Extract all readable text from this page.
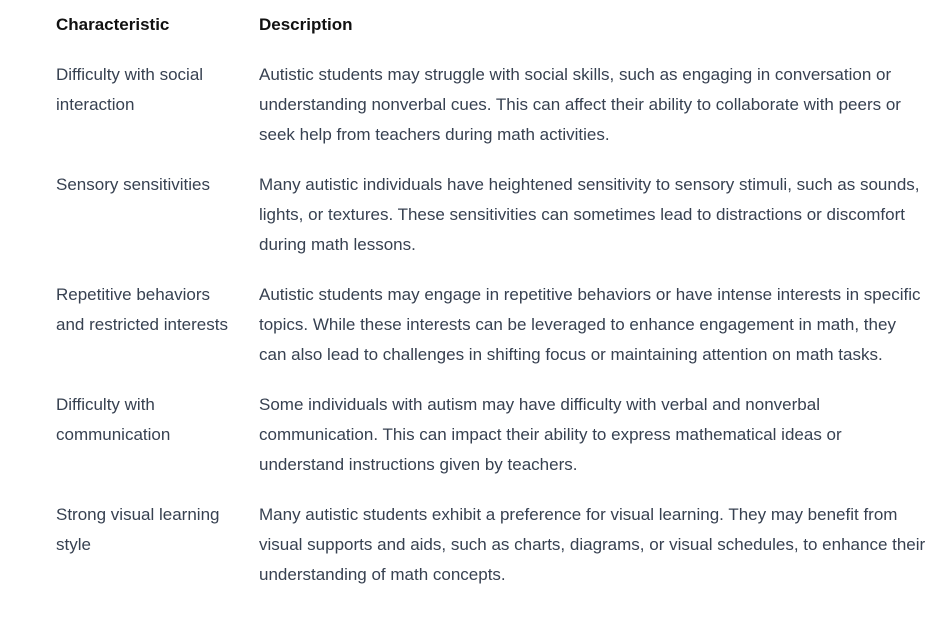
Characteristic	Description
Difficulty with social interaction	Autistic students may struggle with social skills, such as engaging in conversation or understanding nonverbal cues. This can affect their ability to collaborate with peers or seek help from teachers during math activities.
Sensory sensitivities	Many autistic individuals have heightened sensitivity to sensory stimuli, such as sounds, lights, or textures. These sensitivities can sometimes lead to distractions or discomfort during math lessons.
Repetitive behaviors and restricted interests	Autistic students may engage in repetitive behaviors or have intense interests in specific topics. While these interests can be leveraged to enhance engagement in math, they can also lead to challenges in shifting focus or maintaining attention on math tasks.
Difficulty with communication	Some individuals with autism may have difficulty with verbal and nonverbal communication. This can impact their ability to express mathematical ideas or understand instructions given by teachers.
Strong visual learning style	Many autistic students exhibit a preference for visual learning. They may benefit from visual supports and aids, such as charts, diagrams, or visual schedules, to enhance their understanding of math concepts.
